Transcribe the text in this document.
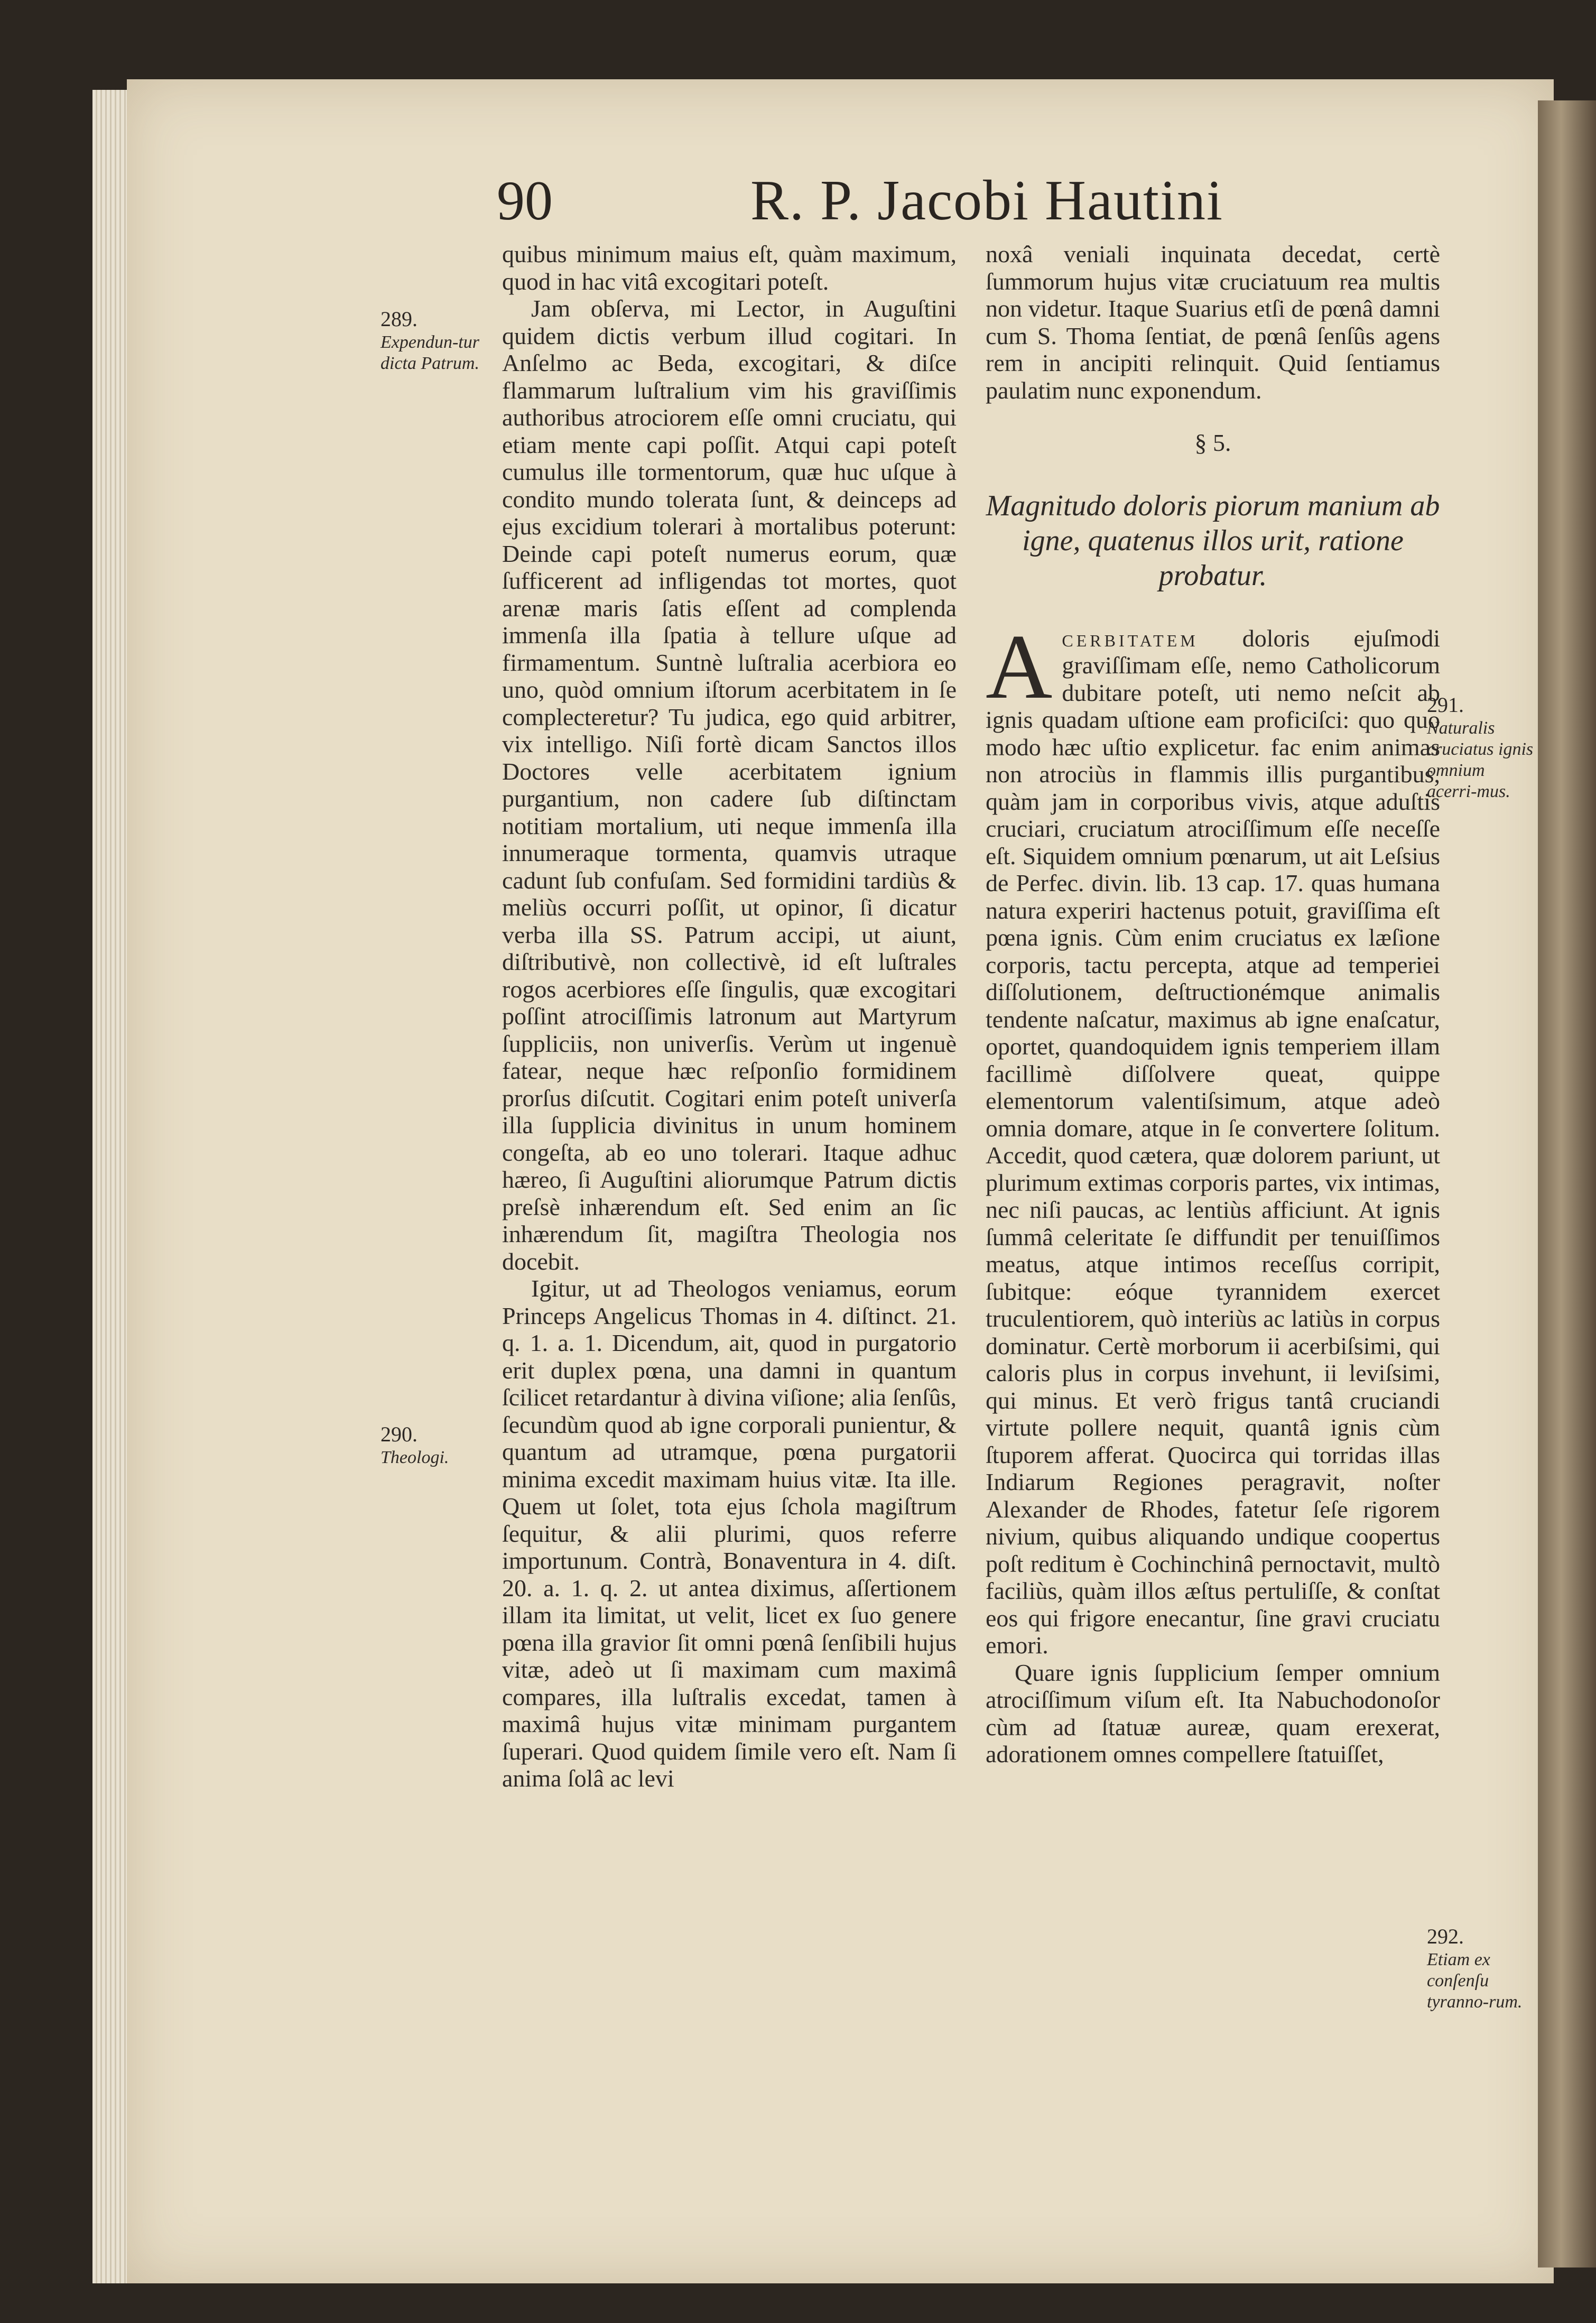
90	R. P. Jacobi Hautini

quibus minimum maius eſt, quàm maximum, quod in hac vitâ excogitari poteſt.

Jam obſerva, mi Lector, in Auguſtini quidem dictis verbum illud cogitari. In Anſelmo ac Beda, excogitari, & diſce flammarum luſtralium vim his graviſſimis authoribus atrociorem eſſe omni cruciatu, qui etiam mente capi poſſit. Atqui capi poteſt cumulus ille tormentorum, quæ huc uſque à condito mundo tolerata ſunt, & deinceps ad ejus excidium tolerari à mortalibus poterunt: Deinde capi poteſt numerus eorum, quæ ſufficerent ad infligendas tot mortes, quot arenæ maris ſatis eſſent ad complenda immenſa illa ſpatia à tellure uſque ad firmamentum. Suntnè luſtralia acerbiora eo uno, quòd omnium iſtorum acerbitatem in ſe complecteretur? Tu judica, ego quid arbitrer, vix intelligo. Niſi fortè dicam Sanctos illos Doctores velle acerbitatem ignium purgantium, non cadere ſub diſtinctam notitiam mortalium, uti neque immenſa illa innumeraque tormenta, quamvis utraque cadunt ſub confuſam. Sed formidini tardiùs & meliùs occurri poſſit, ut opinor, ſi dicatur verba illa SS. Patrum accipi, ut aiunt, diſtributivè, non collectivè, id eſt luſtrales rogos acerbiores eſſe ſingulis, quæ excogitari poſſint atrociſſimis latronum aut Martyrum ſuppliciis, non univerſis. Verùm ut ingenuè fatear, neque hæc reſponſio formidinem prorſus diſcutit. Cogitari enim poteſt univerſa illa ſupplicia divinitus in unum hominem congeſta, ab eo uno tolerari. Itaque adhuc hæreo, ſi Auguſtini aliorumque Patrum dictis preſsè inhærendum eſt. Sed enim an ſic inhærendum ſit, magiſtra Theologia nos docebit.

Igitur, ut ad Theologos veniamus, eorum Princeps Angelicus Thomas in 4. diſtinct. 21. q. 1. a. 1. Dicendum, ait, quod in purgatorio erit duplex pœna, una damni in quantum ſcilicet retardantur à divina viſione; alia ſenſûs, ſecundùm quod ab igne corporali punientur, & quantum ad utramque, pœna purgatorii minima excedit maximam huius vitæ. Ita ille. Quem ut ſolet, tota ejus ſchola magiſtrum ſequitur, & alii plurimi, quos referre importunum. Contrà, Bonaventura in 4. diſt. 20. a. 1. q. 2. ut antea diximus, aſſertionem illam ita limitat, ut velit, licet ex ſuo genere pœna illa gravior ſit omni pœnâ ſenſibili hujus vitæ, adeò ut ſi maximam cum maximâ compares, illa luſtralis excedat, tamen à maximâ hujus vitæ minimam purgantem ſuperari. Quod quidem ſimile vero eſt. Nam ſi anima ſolâ ac levi

noxâ veniali inquinata decedat, certè ſummorum hujus vitæ cruciatuum rea multis non videtur. Itaque Suarius etſi de pœnâ damni cum S. Thoma ſentiat, de pœnâ ſenſûs agens rem in ancipiti relinquit. Quid ſentiamus paulatim nunc exponendum.

§ 5.
Magnitudo doloris piorum manium ab igne, quatenus illos urit, ratione probatur.

Acerbitatem doloris ejuſmodi graviſſimam eſſe, nemo Catholicorum dubitare poteſt, uti nemo neſcit ab ignis quadam uſtione eam proficiſci: quo quo modo hæc uſtio explicetur. fac enim animas non atrociùs in flammis illis purgantibus, quàm jam in corporibus vivis, atque aduſtis cruciari, cruciatum atrociſſimum eſſe neceſſe eſt. Siquidem omnium pœnarum, ut ait Leſsius de Perfec. divin. lib. 13 cap. 17. quas humana natura experiri hactenus potuit, graviſſima eſt pœna ignis. Cùm enim cruciatus ex læſione corporis, tactu percepta, atque ad temperiei diſſolutionem, deſtructionémque animalis tendente naſcatur, maximus ab igne enaſcatur, oportet, quandoquidem ignis temperiem illam facillimè diſſolvere queat, quippe elementorum valentiſsimum, atque adeò omnia domare, atque in ſe convertere ſolitum. Accedit, quod cætera, quæ dolorem pariunt, ut plurimum extimas corporis partes, vix intimas, nec niſi paucas, ac lentiùs afficiunt. At ignis ſummâ celeritate ſe diffundit per tenuiſſimos meatus, atque intimos receſſus corripit, ſubitque: eóque tyrannidem exercet truculentiorem, quò interiùs ac latiùs in corpus dominatur. Certè morborum ii acerbiſsimi, qui caloris plus in corpus invehunt, ii leviſsimi, qui minus. Et verò frigus tantâ cruciandi virtute pollere nequit, quantâ ignis cùm ſtuporem afferat. Quocirca qui torridas illas Indiarum Regiones peragravit, noſter Alexander de Rhodes, fatetur ſeſe rigorem nivium, quibus aliquando undique coopertus poſt reditum è Cochinchinâ pernoctavit, multò faciliùs, quàm illos æſtus pertuliſſe, & conſtat eos qui frigore enecantur, ſine gravi cruciatu emori.

Quare ignis ſupplicium ſemper omnium atrociſſimum viſum eſt. Ita Nabuchodonoſor cùm ad ſtatuæ aureæ, quam erexerat, adorationem omnes compellere ſtatuiſſet,

289.
Expendun-tur dicta Patrum.
290.
Theologi.
291.
Naturalis cruciatus ignis omnium acerri-mus.
292.
Etiam ex conſenſu tyranno-rum.
